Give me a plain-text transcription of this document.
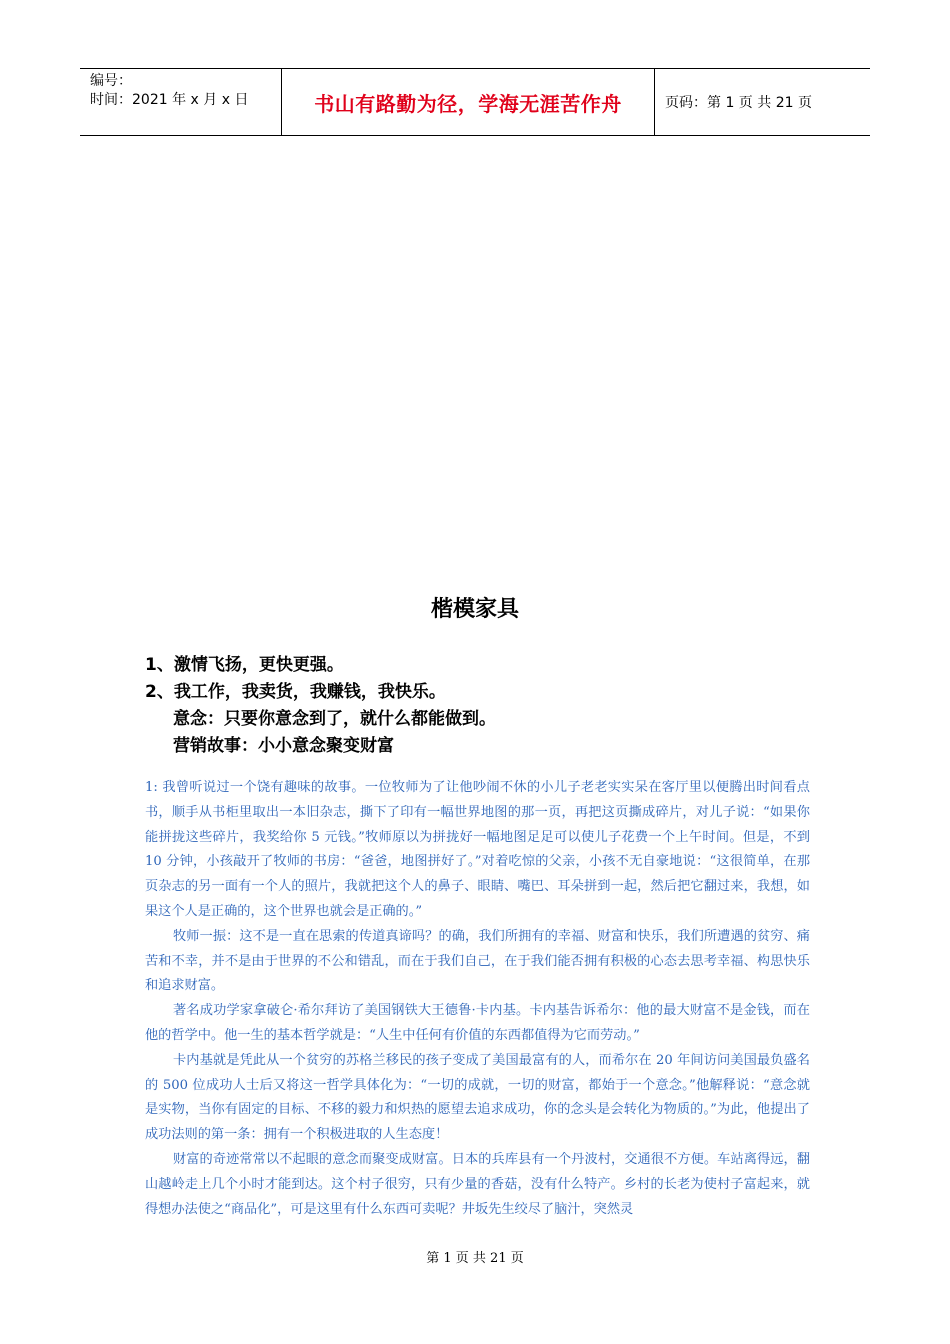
编号：
时间：2021 年 x 月 x 日	书山有路勤为径，学海无涯苦作舟	页码：第 1 页 共 21 页
楷模家具
1、激情飞扬，更快更强。
2、我工作，我卖货，我赚钱，我快乐。
意念：只要你意念到了，就什么都能做到。
营销故事：小小意念聚变财富

1: 我曾听说过一个饶有趣味的故事。一位牧师为了让他吵闹不休的小儿子老老实实呆在客厅里以便腾出时间看点书，顺手从书柜里取出一本旧杂志，撕下了印有一幅世界地图的那一页，再把这页撕成碎片，对儿子说：“如果你能拼拢这些碎片，我奖给你 5 元钱。”牧师原以为拼拢好一幅地图足足可以使儿子花费一个上午时间。但是，不到 10 分钟，小孩敲开了牧师的书房：“爸爸，地图拼好了。”对着吃惊的父亲，小孩不无自豪地说：“这很简单，在那页杂志的另一面有一个人的照片，我就把这个人的鼻子、眼睛、嘴巴、耳朵拼到一起，然后把它翻过来，我想，如果这个人是正确的，这个世界也就会是正确的。”

牧师一振：这不是一直在思索的传道真谛吗？的确，我们所拥有的幸福、财富和快乐，我们所遭遇的贫穷、痛苦和不幸，并不是由于世界的不公和错乱，而在于我们自己，在于我们能否拥有积极的心态去思考幸福、构思快乐和追求财富。

著名成功学家拿破仑·希尔拜访了美国钢铁大王德鲁·卡内基。卡内基告诉希尔：他的最大财富不是金钱，而在他的哲学中。他一生的基本哲学就是：“人生中任何有价值的东西都值得为它而劳动。”

卡内基就是凭此从一个贫穷的苏格兰移民的孩子变成了美国最富有的人，而希尔在 20 年间访问美国最负盛名的 500 位成功人士后又将这一哲学具体化为：“一切的成就，一切的财富，都始于一个意念。”他解释说：“意念就是实物，当你有固定的目标、不移的毅力和炽热的愿望去追求成功，你的念头是会转化为物质的。”为此，他提出了成功法则的第一条：拥有一个积极进取的人生态度！

财富的奇迹常常以不起眼的意念而聚变成财富。日本的兵库县有一个丹波村，交通很不方便。车站离得远，翻山越岭走上几个小时才能到达。这个村子很穷，只有少量的香菇，没有什么特产。乡村的长老为使村子富起来，就得想办法使之“商品化”，可是这里有什么东西可卖呢？井坂先生绞尽了脑汁，突然灵

第 1 页 共 21 页
